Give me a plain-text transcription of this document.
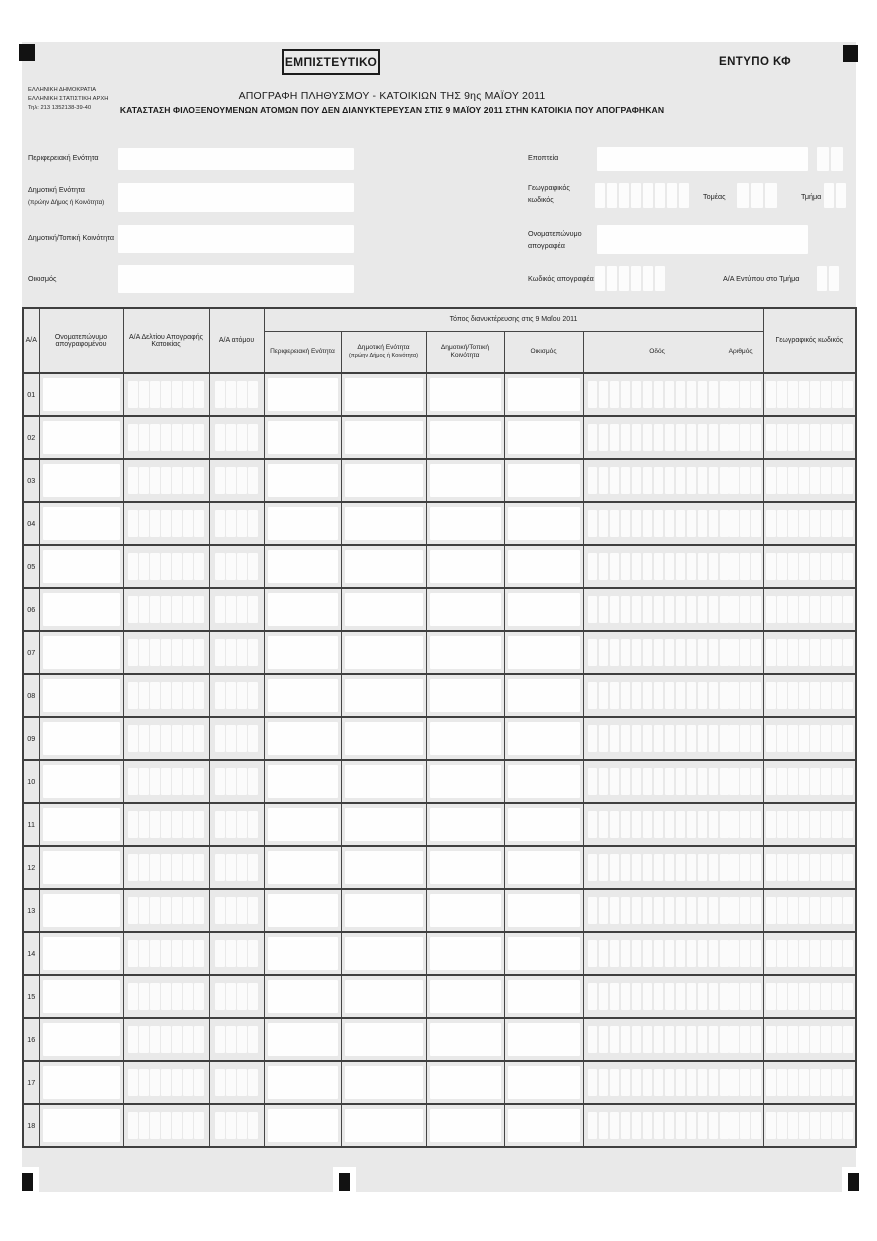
ΕΜΠΙΣΤΕΥΤΙΚΟ	ΕΝΤΥΠΟ ΚΦ
ΕΛΛΗΝΙΚΗ ΔΗΜΟΚΡΑΤΙΑ
ΕΛΛΗΝΙΚΗ ΣΤΑΤΙΣΤΙΚΗ ΑΡΧΗ
Τηλ: 213 1352138-39-40
ΑΠΟΓΡΑΦΗ ΠΛΗΘΥΣΜΟΥ - ΚΑΤΟΙΚΙΩΝ ΤΗΣ 9ης ΜΑΪΟΥ 2011
ΚΑΤΑΣΤΑΣΗ ΦΙΛΟΞΕΝΟΥΜΕΝΩΝ ΑΤΟΜΩΝ ΠΟΥ ΔΕΝ ΔΙΑΝΥΚΤΕΡΕΥΣΑΝ ΣΤΙΣ 9 ΜΑΪΟΥ 2011 ΣΤΗΝ ΚΑΤΟΙΚΙΑ ΠΟΥ ΑΠΟΓΡΑΦΗΚΑΝ
Περιφερειακή Ενότητα
Δημοτική Ενότητα
(πρώην Δήμος ή Κοινότητα)
Δημοτική/Τοπική Κοινότητα
Οικισμός
Εποπτεία
Γεωγραφικός
κωδικός	Τομέας	Τμήμα
Ονοματεπώνυμο
απογραφέα
Κωδικός απογραφέα	Α/Α Εντύπου στο Τμήμα
Α/Α	Ονοματεπώνυμο απογραφομένου	Α/Α Δελτίου Απογραφής Κατοικίας	Α/Α ατόμου	Τόπος διανυκτέρευσης στις 9 Μαΐου 2011					Γεωγραφικός κωδικός
				Περιφερειακή Ενότητα	Δημοτική Ενότητα
(πρώην Δήμος ή Κοινότητα)	Δημοτική/Τοπική Κοινότητα	Οικισμός	Οδός Αριθμός	

01	

02	

03	

04	

05	

06	

07	

08	

09	

10	

11	

12	

13	

14	

15	

16	

17	

18	
